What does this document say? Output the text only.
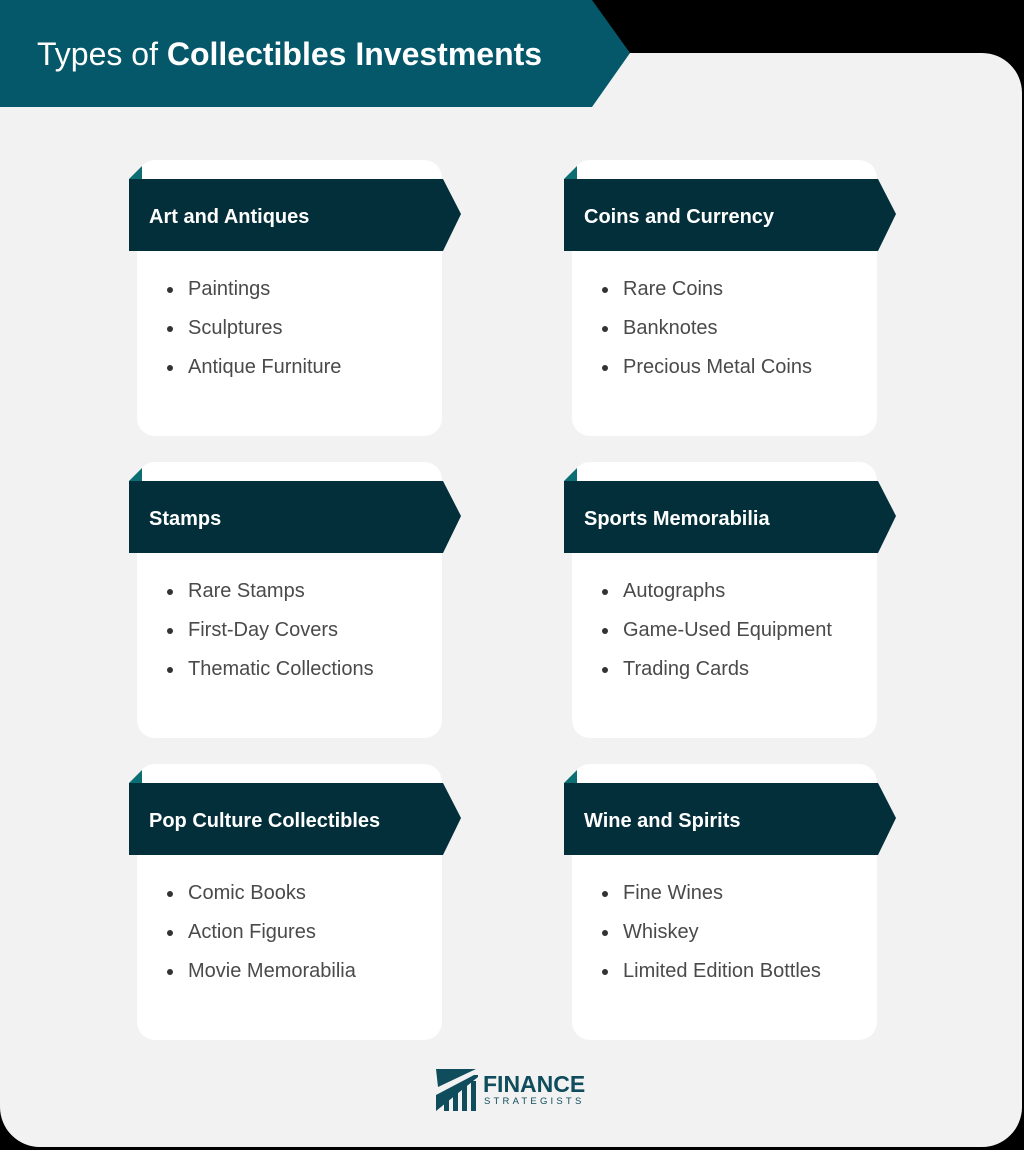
Types of Collectibles Investments
Art and Antiques
Paintings
Sculptures
Antique Furniture
Coins and Currency
Rare Coins
Banknotes
Precious Metal Coins
Stamps
Rare Stamps
First-Day Covers
Thematic Collections
Sports Memorabilia
Autographs
Game-Used Equipment
Trading Cards
Pop Culture Collectibles
Comic Books
Action Figures
Movie Memorabilia
Wine and Spirits
Fine Wines
Whiskey
Limited Edition Bottles
FINANCE
STRATEGISTS
